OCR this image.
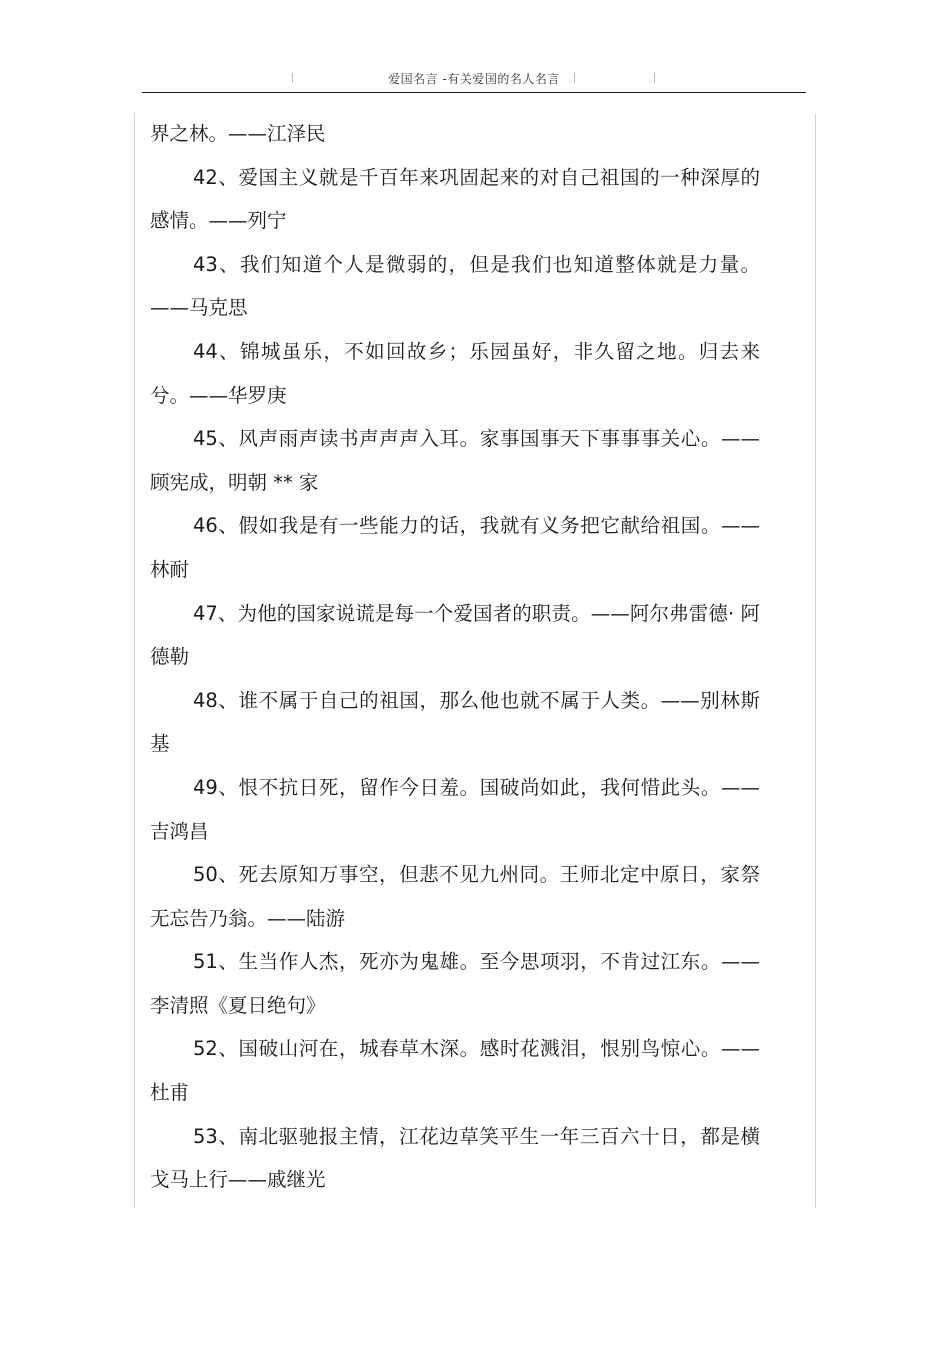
爱国名言 -有关爱国的名人名言

界之林。——江泽民

42、爱国主义就是千百年来巩固起来的对自己祖国的一种深厚的感情。——列宁

43、我们知道个人是微弱的，但是我们也知道整体就是力量。——马克思

44、锦城虽乐，不如回故乡；乐园虽好，非久留之地。归去来兮。——华罗庚

45、风声雨声读书声声声入耳。家事国事天下事事事关心。——顾宪成，明朝 ** 家

46、假如我是有一些能力的话，我就有义务把它献给祖国。——林耐

47、为他的国家说谎是每一个爱国者的职责。——阿尔弗雷德· 阿德勒

48、谁不属于自己的祖国，那么他也就不属于人类。——别林斯基

49、恨不抗日死，留作今日羞。国破尚如此，我何惜此头。——吉鸿昌

50、死去原知万事空，但悲不见九州同。王师北定中原日，家祭无忘告乃翁。——陆游

51、生当作人杰，死亦为鬼雄。至今思项羽，不肯过江东。——李清照《夏日绝句》

52、国破山河在，城春草木深。感时花溅泪，恨别鸟惊心。——杜甫

53、南北驱驰报主情，江花边草笑平生一年三百六十日，都是横戈马上行——戚继光
